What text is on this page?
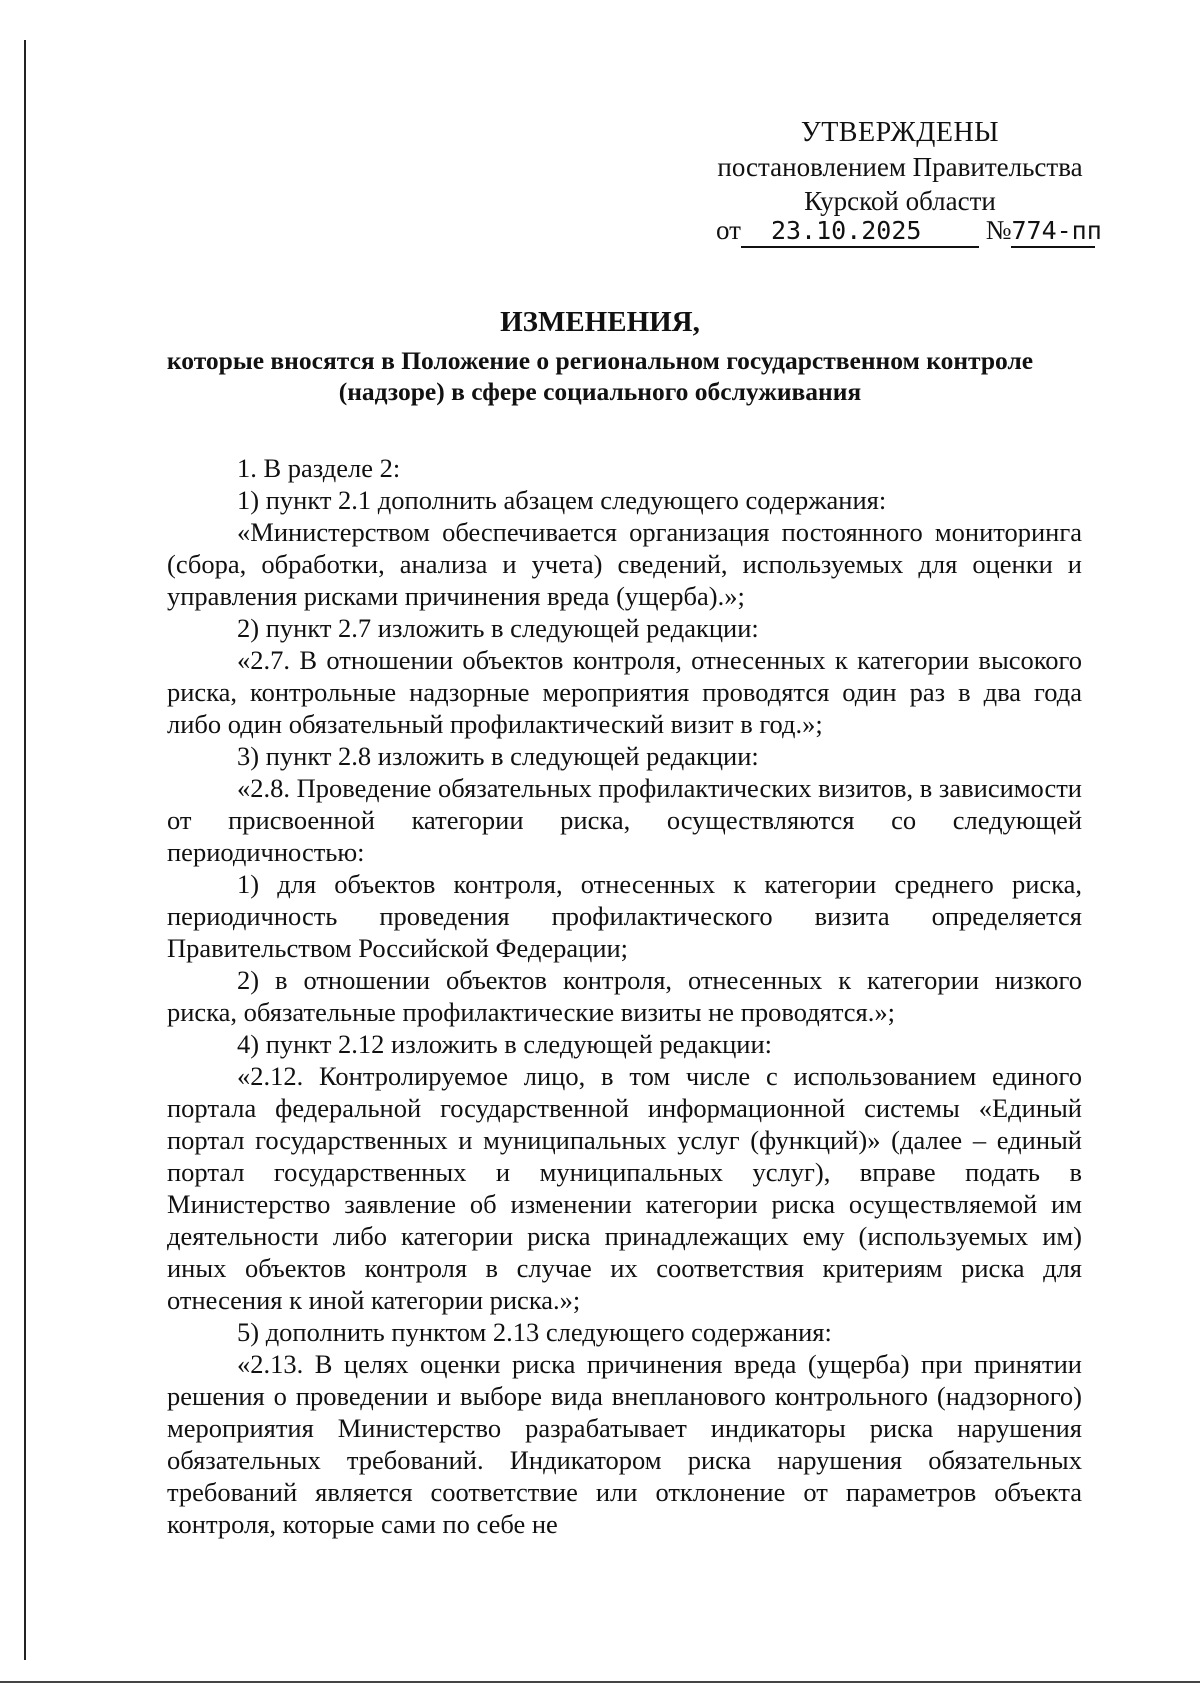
УТВЕРЖДЕНЫ
постановлением Правительства
Курской области
от 23.10.2025 №774-пп
ИЗМЕНЕНИЯ,
которые вносятся в Положение о региональном государственном контроле (надзоре) в сфере социального обслуживания

1. В разделе 2:

1) пункт 2.1 дополнить абзацем следующего содержания:

«Министерством обеспечивается организация постоянного мониторинга (сбора, обработки, анализа и учета) сведений, используемых для оценки и управления рисками причинения вреда (ущерба).»;

2) пункт 2.7 изложить в следующей редакции:

«2.7. В отношении объектов контроля, отнесенных к категории высокого риска, контрольные надзорные мероприятия проводятся один раз в два года либо один обязательный профилактический визит в год.»;

3) пункт 2.8 изложить в следующей редакции:

«2.8. Проведение обязательных профилактических визитов, в зависимости от присвоенной категории риска, осуществляются со следующей периодичностью:

1) для объектов контроля, отнесенных к категории среднего риска, периодичность проведения профилактического визита определяется Правительством Российской Федерации;

2) в отношении объектов контроля, отнесенных к категории низкого риска, обязательные профилактические визиты не проводятся.»;

4) пункт 2.12 изложить в следующей редакции:

«2.12. Контролируемое лицо, в том числе с использованием единого портала федеральной государственной информационной системы «Единый портал государственных и муниципальных услуг (функций)» (далее – единый портал государственных и муниципальных услуг), вправе подать в Министерство заявление об изменении категории риска осуществляемой им деятельности либо категории риска принадлежащих ему (используемых им) иных объектов контроля в случае их соответствия критериям риска для отнесения к иной категории риска.»;

5) дополнить пунктом 2.13 следующего содержания:

«2.13. В целях оценки риска причинения вреда (ущерба) при принятии решения о проведении и выборе вида внепланового контрольного (надзорного) мероприятия Министерство разрабатывает индикаторы риска нарушения обязательных требований. Индикатором риска нарушения обязательных требований является соответствие или отклонение от параметров объекта контроля, которые сами по себе не
